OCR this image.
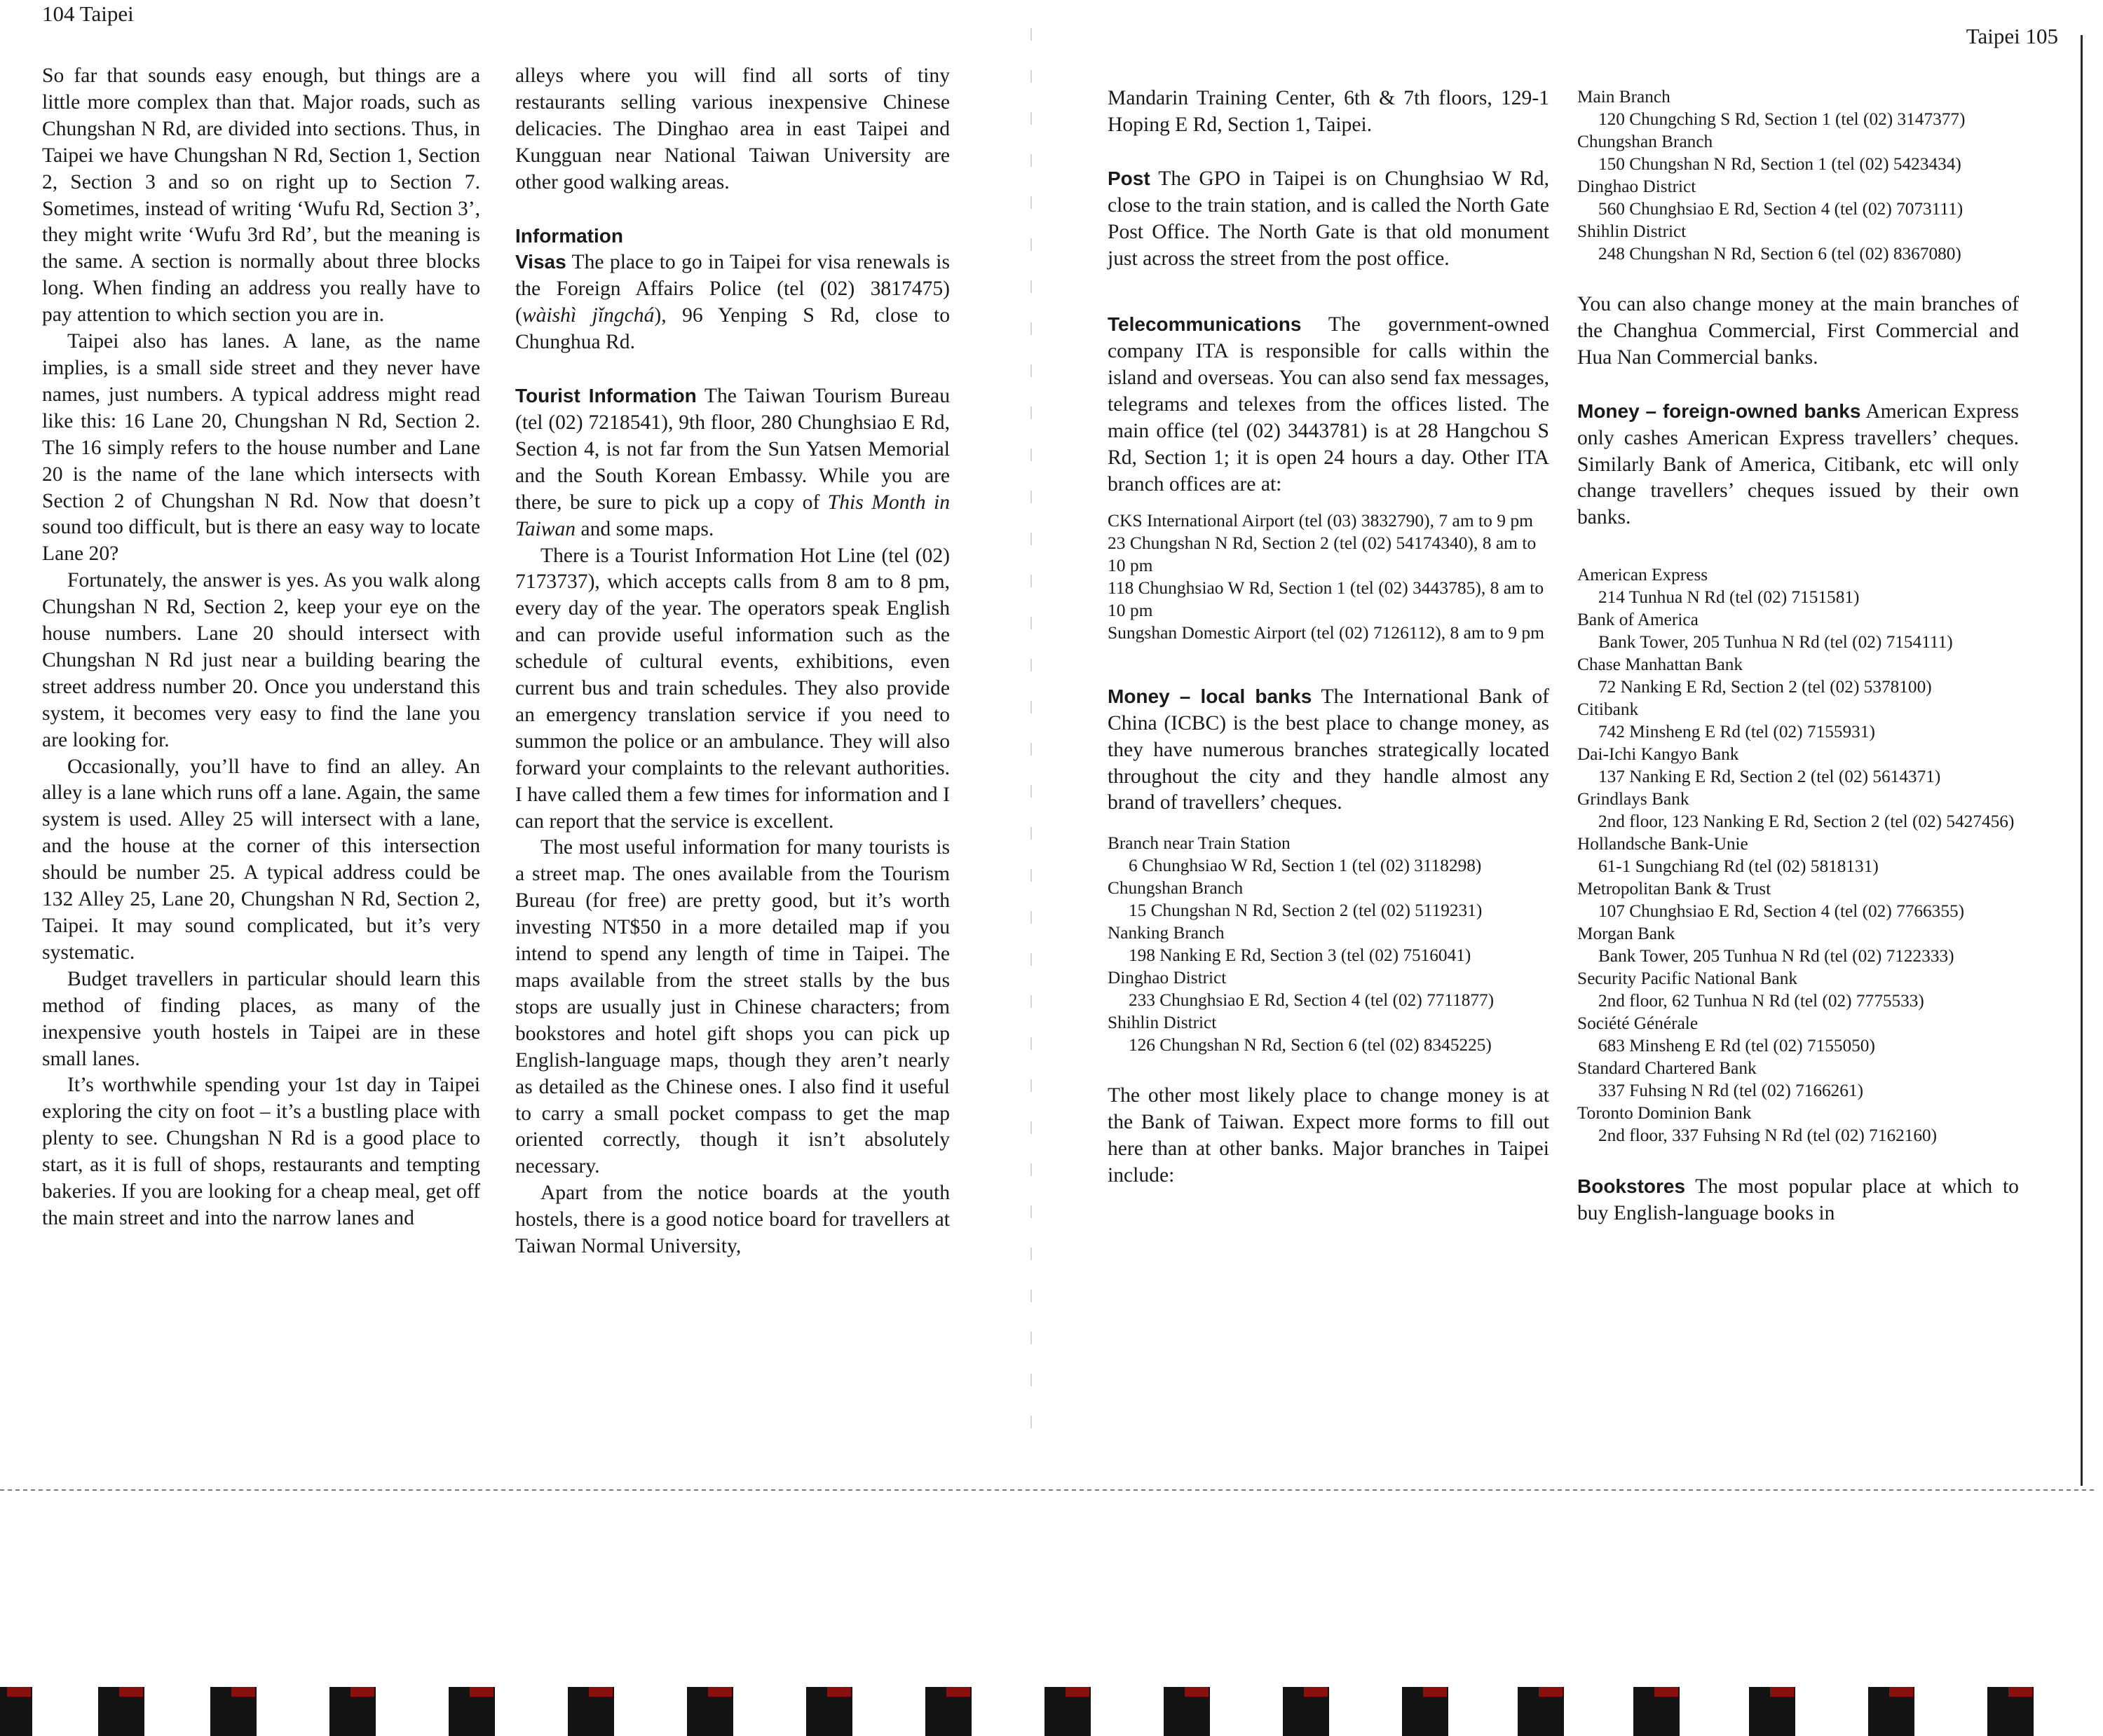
104 Taipei

So far that sounds easy enough, but things are a little more complex than that. Major roads, such as Chungshan N Rd, are divided into sections. Thus, in Taipei we have Chungshan N Rd, Section 1, Section 2, Section 3 and so on right up to Section 7. Sometimes, instead of writing ‘Wufu Rd, Section 3’, they might write ‘Wufu 3rd Rd’, but the meaning is the same. A section is normally about three blocks long. When finding an address you really have to pay attention to which section you are in.

Taipei also has lanes. A lane, as the name implies, is a small side street and they never have names, just numbers. A typical address might read like this: 16 Lane 20, Chungshan N Rd, Section 2. The 16 simply refers to the house number and Lane 20 is the name of the lane which intersects with Section 2 of Chungshan N Rd. Now that doesn’t sound too difficult, but is there an easy way to locate Lane 20?

Fortunately, the answer is yes. As you walk along Chungshan N Rd, Section 2, keep your eye on the house numbers. Lane 20 should intersect with Chungshan N Rd just near a building bearing the street address number 20. Once you understand this system, it becomes very easy to find the lane you are looking for.

Occasionally, you’ll have to find an alley. An alley is a lane which runs off a lane. Again, the same system is used. Alley 25 will intersect with a lane, and the house at the corner of this intersection should be number 25. A typical address could be 132 Alley 25, Lane 20, Chungshan N Rd, Section 2, Taipei. It may sound complicated, but it’s very systematic.

Budget travellers in particular should learn this method of finding places, as many of the inexpensive youth hostels in Taipei are in these small lanes.

It’s worthwhile spending your 1st day in Taipei exploring the city on foot – it’s a bustling place with plenty to see. Chungshan N Rd is a good place to start, as it is full of shops, restaurants and tempting bakeries. If you are looking for a cheap meal, get off the main street and into the narrow lanes and

alleys where you will find all sorts of tiny restaurants selling various inexpensive Chinese delicacies. The Dinghao area in east Taipei and Kungguan near National Taiwan University are other good walking areas.

Information

Visas The place to go in Taipei for visa renewals is the Foreign Affairs Police (tel (02) 3817475) (wàishì jǐngchá), 96 Yenping S Rd, close to Chunghua Rd.

Tourist Information The Taiwan Tourism Bureau (tel (02) 7218541), 9th floor, 280 Chunghsiao E Rd, Section 4, is not far from the Sun Yatsen Memorial and the South Korean Embassy. While you are there, be sure to pick up a copy of This Month in Taiwan and some maps.

There is a Tourist Information Hot Line (tel (02) 7173737), which accepts calls from 8 am to 8 pm, every day of the year. The operators speak English and can provide useful information such as the schedule of cultural events, exhibitions, even current bus and train schedules. They also provide an emergency translation service if you need to summon the police or an ambulance. They will also forward your complaints to the relevant authorities. I have called them a few times for information and I can report that the service is excellent.

The most useful information for many tourists is a street map. The ones available from the Tourism Bureau (for free) are pretty good, but it’s worth investing NT$50 in a more detailed map if you intend to spend any length of time in Taipei. The maps available from the street stalls by the bus stops are usually just in Chinese characters; from bookstores and hotel gift shops you can pick up English-language maps, though they aren’t nearly as detailed as the Chinese ones. I also find it useful to carry a small pocket compass to get the map oriented correctly, though it isn’t absolutely necessary.

Apart from the notice boards at the youth hostels, there is a good notice board for travellers at Taiwan Normal University,

Taipei 105

Mandarin Training Center, 6th & 7th floors, 129-1 Hoping E Rd, Section 1, Taipei.

Post The GPO in Taipei is on Chunghsiao W Rd, close to the train station, and is called the North Gate Post Office. The North Gate is that old monument just across the street from the post office.

Telecommunications The government-owned company ITA is responsible for calls within the island and overseas. You can also send fax messages, telegrams and telexes from the offices listed. The main office (tel (02) 3443781) is at 28 Hangchou S Rd, Section 1; it is open 24 hours a day. Other ITA branch offices are at:

CKS International Airport (tel (03) 3832790), 7 am to 9 pm
23 Chungshan N Rd, Section 2 (tel (02) 54174340), 8 am to 10 pm
118 Chunghsiao W Rd, Section 1 (tel (02) 3443785), 8 am to 10 pm
Sungshan Domestic Airport (tel (02) 7126112), 8 am to 9 pm

Money – local banks The International Bank of China (ICBC) is the best place to change money, as they have numerous branches strategically located throughout the city and they handle almost any brand of travellers’ cheques.

Branch near Train Station
6 Chunghsiao W Rd, Section 1 (tel (02) 3118298)
Chungshan Branch
15 Chungshan N Rd, Section 2 (tel (02) 5119231)
Nanking Branch
198 Nanking E Rd, Section 3 (tel (02) 7516041)
Dinghao District
233 Chunghsiao E Rd, Section 4 (tel (02) 7711877)
Shihlin District
126 Chungshan N Rd, Section 6 (tel (02) 8345225)

The other most likely place to change money is at the Bank of Taiwan. Expect more forms to fill out here than at other banks. Major branches in Taipei include:

Main Branch
120 Chungching S Rd, Section 1 (tel (02) 3147377)
Chungshan Branch
150 Chungshan N Rd, Section 1 (tel (02) 5423434)
Dinghao District
560 Chunghsiao E Rd, Section 4 (tel (02) 7073111)
Shihlin District
248 Chungshan N Rd, Section 6 (tel (02) 8367080)

You can also change money at the main branches of the Changhua Commercial, First Commercial and Hua Nan Commercial banks.

Money – foreign-owned banks American Express only cashes American Express travellers’ cheques. Similarly Bank of America, Citibank, etc will only change travellers’ cheques issued by their own banks.

American Express
214 Tunhua N Rd (tel (02) 7151581)
Bank of America
Bank Tower, 205 Tunhua N Rd (tel (02) 7154111)
Chase Manhattan Bank
72 Nanking E Rd, Section 2 (tel (02) 5378100)
Citibank
742 Minsheng E Rd (tel (02) 7155931)
Dai-Ichi Kangyo Bank
137 Nanking E Rd, Section 2 (tel (02) 5614371)
Grindlays Bank
2nd floor, 123 Nanking E Rd, Section 2 (tel (02) 5427456)
Hollandsche Bank-Unie
61-1 Sungchiang Rd (tel (02) 5818131)
Metropolitan Bank & Trust
107 Chunghsiao E Rd, Section 4 (tel (02) 7766355)
Morgan Bank
Bank Tower, 205 Tunhua N Rd (tel (02) 7122333)
Security Pacific National Bank
2nd floor, 62 Tunhua N Rd (tel (02) 7775533)
Société Générale
683 Minsheng E Rd (tel (02) 7155050)
Standard Chartered Bank
337 Fuhsing N Rd (tel (02) 7166261)
Toronto Dominion Bank
2nd floor, 337 Fuhsing N Rd (tel (02) 7162160)

Bookstores The most popular place at which to buy English-language books in
